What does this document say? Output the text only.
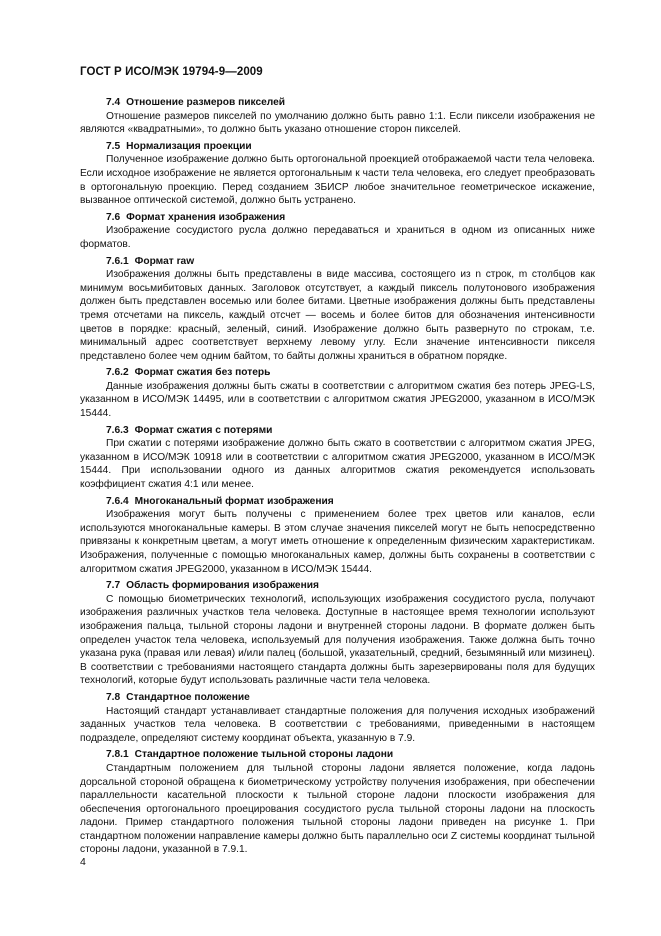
ГОСТ Р ИСО/МЭК 19794-9—2009
7.4 Отношение размеров пикселей

Отношение размеров пикселей по умолчанию должно быть равно 1:1. Если пиксели изображения не являются «квадратными», то должно быть указано отношение сторон пикселей.

7.5 Нормализация проекции

Полученное изображение должно быть ортогональной проекцией отображаемой части тела человека. Если исходное изображение не является ортогональным к части тела человека, его следует преобразовать в ортогональную проекцию. Перед созданием ЗБИСР любое значительное геометрическое искажение, вызванное оптической системой, должно быть устранено.

7.6 Формат хранения изображения

Изображение сосудистого русла должно передаваться и храниться в одном из описанных ниже форматов.

7.6.1 Формат raw

Изображения должны быть представлены в виде массива, состоящего из n строк, m столбцов как минимум восьмибитовых данных. Заголовок отсутствует, а каждый пиксель полутонового изображения должен быть представлен восемью или более битами. Цветные изображения должны быть представлены тремя отсчетами на пиксель, каждый отсчет — восемь и более битов для обозначения интенсивности цветов в порядке: красный, зеленый, синий. Изображение должно быть развернуто по строкам, т.е. минимальный адрес соответствует верхнему левому углу. Если значение интенсивности пикселя представлено более чем одним байтом, то байты должны храниться в обратном порядке.

7.6.2 Формат сжатия без потерь

Данные изображения должны быть сжаты в соответствии с алгоритмом сжатия без потерь JPEG-LS, указанном в ИСО/МЭК 14495, или в соответствии с алгоритмом сжатия JPEG2000, указанном в ИСО/МЭК 15444.

7.6.3 Формат сжатия с потерями

При сжатии с потерями изображение должно быть сжато в соответствии с алгоритмом сжатия JPEG, указанном в ИСО/МЭК 10918 или в соответствии с алгоритмом сжатия JPEG2000, указанном в ИСО/МЭК 15444. При использовании одного из данных алгоритмов сжатия рекомендуется использовать коэффициент сжатия 4:1 или менее.

7.6.4 Многоканальный формат изображения

Изображения могут быть получены с применением более трех цветов или каналов, если используются многоканальные камеры. В этом случае значения пикселей могут не быть непосредственно привязаны к конкретным цветам, а могут иметь отношение к определенным физическим характеристикам. Изображения, полученные с помощью многоканальных камер, должны быть сохранены в соответствии с алгоритмом сжатия JPEG2000, указанном в ИСО/МЭК 15444.

7.7 Область формирования изображения

С помощью биометрических технологий, использующих изображения сосудистого русла, получают изображения различных участков тела человека. Доступные в настоящее время технологии используют изображения пальца, тыльной стороны ладони и внутренней стороны ладони. В формате должен быть определен участок тела человека, используемый для получения изображения. Также должна быть точно указана рука (правая или левая) и/или палец (большой, указательный, средний, безымянный или мизинец). В соответствии с требованиями настоящего стандарта должны быть зарезервированы поля для будущих технологий, которые будут использовать различные части тела человека.

7.8 Стандартное положение

Настоящий стандарт устанавливает стандартные положения для получения исходных изображений заданных участков тела человека. В соответствии с требованиями, приведенными в настоящем подразделе, определяют систему координат объекта, указанную в 7.9.

7.8.1 Стандартное положение тыльной стороны ладони

Стандартным положением для тыльной стороны ладони является положение, когда ладонь дорсальной стороной обращена к биометрическому устройству получения изображения, при обеспечении параллельности касательной плоскости к тыльной стороне ладони плоскости изображения для обеспечения ортогонального проецирования сосудистого русла тыльной стороны ладони на плоскость ладони. Пример стандартного положения тыльной стороны ладони приведен на рисунке 1. При стандартном положении направление камеры должно быть параллельно оси Z системы координат тыльной стороны ладони, указанной в 7.9.1.

4
